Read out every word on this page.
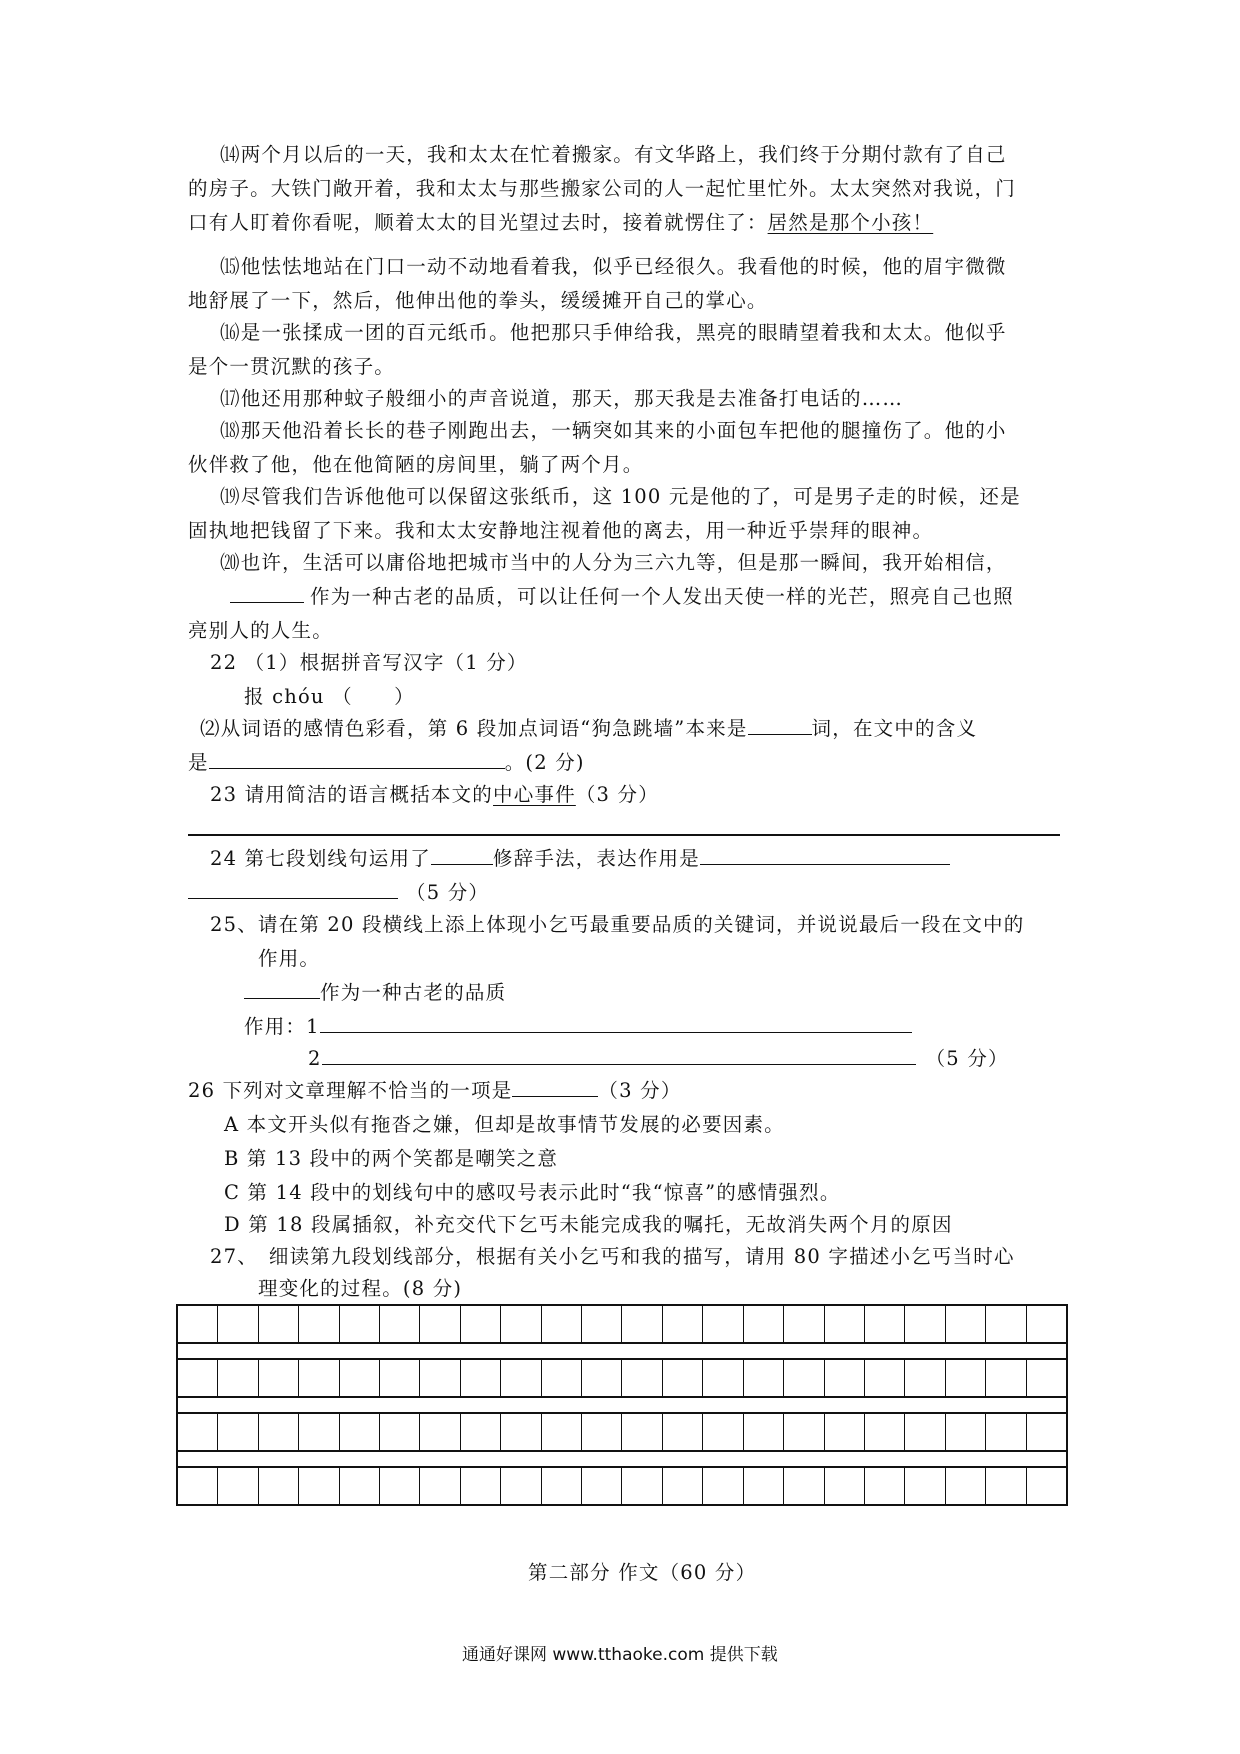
⒁两个月以后的一天，我和太太在忙着搬家。有文华路上，我们终于分期付款有了自己
的房子。大铁门敞开着，我和太太与那些搬家公司的人一起忙里忙外。太太突然对我说，门
口有人盯着你看呢，顺着太太的目光望过去时，接着就愣住了：居然是那个小孩！
⒂他怯怯地站在门口一动不动地看着我，似乎已经很久。我看他的时候，他的眉宇微微
地舒展了一下，然后，他伸出他的拳头，缓缓摊开自己的掌心。
⒃是一张揉成一团的百元纸币。他把那只手伸给我，黑亮的眼睛望着我和太太。他似乎
是个一贯沉默的孩子。
⒄他还用那种蚊子般细小的声音说道，那天，那天我是去准备打电话的……
⒅那天他沿着长长的巷子刚跑出去，一辆突如其来的小面包车把他的腿撞伤了。他的小
伙伴救了他，他在他简陋的房间里，躺了两个月。
⒆尽管我们告诉他他可以保留这张纸币，这 100 元是他的了，可是男子走的时候，还是
固执地把钱留了下来。我和太太安静地注视着他的离去，用一种近乎崇拜的眼神。
⒇也许，生活可以庸俗地把城市当中的人分为三六九等，但是那一瞬间，我开始相信，
作为一种古老的品质，可以让任何一个人发出天使一样的光芒，照亮自己也照
亮别人的人生。
22 （1）根据拼音写汉字（1 分）
报 chóu （　　）
⑵从词语的感情色彩看，第 6 段加点词语“狗急跳墙”本来是	词，在文中的含义
是	。(2 分)
23 请用简洁的语言概括本文的中心事件（3 分）
24 第七段划线句运用了	修辞手法，表达作用是
（5 分）
25、请在第 20 段横线上添上体现小乞丐最重要品质的关键词，并说说最后一段在文中的
作用。
作为一种古老的品质
作用：1
2	（5 分）
26 下列对文章理解不恰当的一项是	（3 分）
A 本文开头似有拖沓之嫌，但却是故事情节发展的必要因素。
B 第 13 段中的两个笑都是嘲笑之意
C 第 14 段中的划线句中的感叹号表示此时“我“惊喜”的感情强烈。
D 第 18 段属插叙，补充交代下乞丐未能完成我的嘱托，无故消失两个月的原因
27、　细读第九段划线部分，根据有关小乞丐和我的描写，请用 80 字描述小乞丐当时心
理变化的过程。(8 分)
第二部分 作文（60 分）
通通好课网 www.tthaoke.com 提供下载
